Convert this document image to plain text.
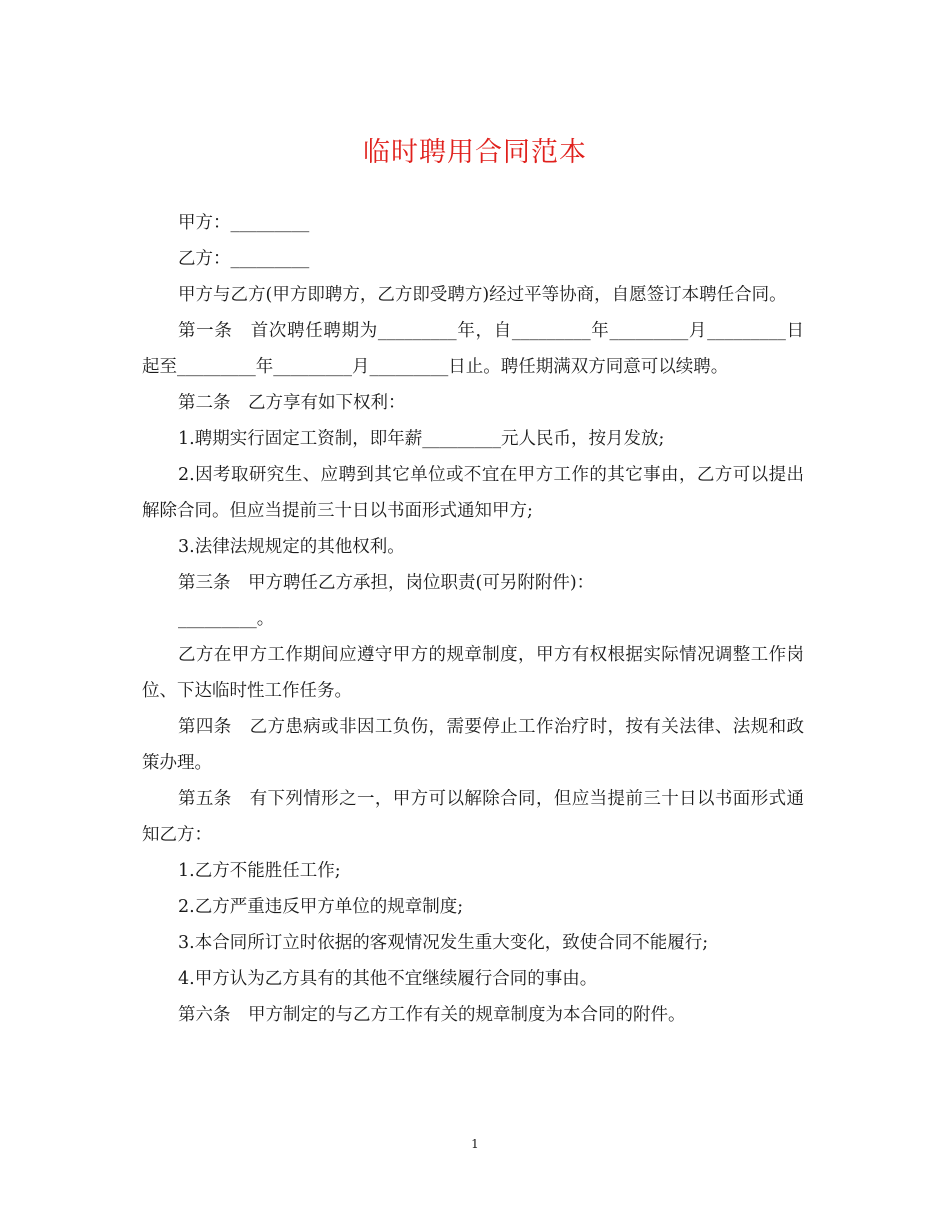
临时聘用合同范本

甲方：_________

乙方：_________

甲方与乙方(甲方即聘方，乙方即受聘方)经过平等协商，自愿签订本聘任合同。

第一条　首次聘任聘期为_________年，自_________年_________月_________日起至_________年_________月_________日止。聘任期满双方同意可以续聘。

第二条　乙方享有如下权利：

1.聘期实行固定工资制，即年薪_________元人民币，按月发放;

2.因考取研究生、应聘到其它单位或不宜在甲方工作的其它事由，乙方可以提出解除合同。但应当提前三十日以书面形式通知甲方;

3.法律法规规定的其他权利。

第三条　甲方聘任乙方承担，岗位职责(可另附附件)：

_________。

乙方在甲方工作期间应遵守甲方的规章制度，甲方有权根据实际情况调整工作岗位、下达临时性工作任务。

第四条　乙方患病或非因工负伤，需要停止工作治疗时，按有关法律、法规和政策办理。

第五条　有下列情形之一，甲方可以解除合同，但应当提前三十日以书面形式通知乙方：

1.乙方不能胜任工作;

2.乙方严重违反甲方单位的规章制度;

3.本合同所订立时依据的客观情况发生重大变化，致使合同不能履行;

4.甲方认为乙方具有的其他不宜继续履行合同的事由。

第六条　甲方制定的与乙方工作有关的规章制度为本合同的附件。

1
